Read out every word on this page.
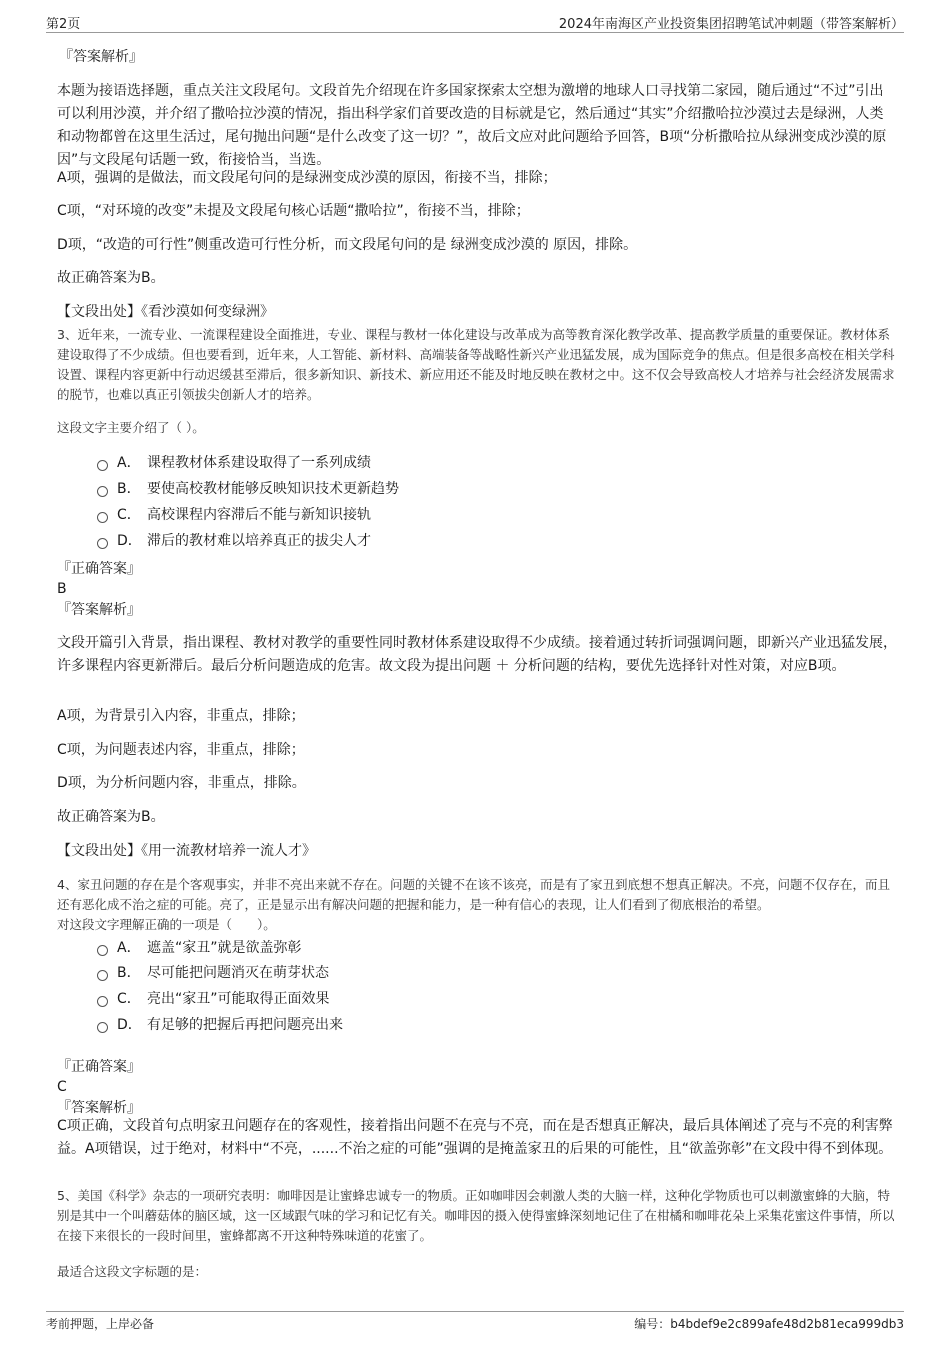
第2页	2024年南海区产业投资集团招聘笔试冲刺题（带答案解析）
『答案解析』
本题为接语选择题，重点关注文段尾句。文段首先介绍现在许多国家探索太空想为激增的地球人口寻找第二家园，随后通过“不过”引出可以利用沙漠，并介绍了撒哈拉沙漠的情况，指出科学家们首要改造的目标就是它，然后通过“其实”介绍撒哈拉沙漠过去是绿洲，人类和动物都曾在这里生活过，尾句抛出问题“是什么改变了这一切？”，故后文应对此问题给予回答，B项“分析撒哈拉从绿洲变成沙漠的原因”与文段尾句话题一致，衔接恰当，当选。
A项，强调的是做法，而文段尾句问的是绿洲变成沙漠的原因，衔接不当，排除；
C项，“对环境的改变”未提及文段尾句核心话题“撒哈拉”，衔接不当，排除；
D项，“改造的可行性”侧重改造可行性分析，而文段尾句问的是 绿洲变成沙漠的 原因，排除。
故正确答案为B。
【文段出处】《看沙漠如何变绿洲》
3、近年来，一流专业、一流课程建设全面推进，专业、课程与教材一体化建设与改革成为高等教育深化教学改革、提高教学质量的重要保证。教材体系建设取得了不少成绩。但也要看到，近年来，人工智能、新材料、高端装备等战略性新兴产业迅猛发展，成为国际竞争的焦点。但是很多高校在相关学科设置、课程内容更新中行动迟缓甚至滞后，很多新知识、新技术、新应用还不能及时地反映在教材之中。这不仅会导致高校人才培养与社会经济发展需求的脱节，也难以真正引领拔尖创新人才的培养。
这段文字主要介绍了（ ）。
A． 课程教材体系建设取得了一系列成绩
B． 要使高校教材能够反映知识技术更新趋势
C． 高校课程内容滞后不能与新知识接轨
D． 滞后的教材难以培养真正的拔尖人才
『正确答案』
B
『答案解析』
文段开篇引入背景，指出课程、教材对教学的重要性同时教材体系建设取得不少成绩。接着通过转折词强调问题，即新兴产业迅猛发展，许多课程内容更新滞后。最后分析问题造成的危害。故文段为提出问题 ＋ 分析问题的结构，要优先选择针对性对策，对应B项。
A项，为背景引入内容，非重点，排除；
C项，为问题表述内容，非重点，排除；
D项，为分析问题内容，非重点，排除。
故正确答案为B。
【文段出处】《用一流教材培养一流人才》
4、家丑问题的存在是个客观事实，并非不亮出来就不存在。问题的关键不在该不该亮，而是有了家丑到底想不想真正解决。不亮，问题不仅存在，而且还有恶化成不治之症的可能。亮了，正是显示出有解决问题的把握和能力，是一种有信心的表现，让人们看到了彻底根治的希望。
对这段文字理解正确的一项是（　　）。
A． 遮盖“家丑”就是欲盖弥彰
B． 尽可能把问题消灭在萌芽状态
C． 亮出“家丑”可能取得正面效果
D． 有足够的把握后再把问题亮出来
『正确答案』
C
『答案解析』
C项正确，文段首句点明家丑问题存在的客观性，接着指出问题不在亮与不亮，而在是否想真正解决，最后具体阐述了亮与不亮的利害弊益。A项错误，过于绝对，材料中“不亮，......不治之症的可能”强调的是掩盖家丑的后果的可能性，且“欲盖弥彰”在文段中得不到体现。
5、美国《科学》杂志的一项研究表明：咖啡因是让蜜蜂忠诚专一的物质。正如咖啡因会刺激人类的大脑一样，这种化学物质也可以刺激蜜蜂的大脑，特别是其中一个叫蘑菇体的脑区域，这一区域跟气味的学习和记忆有关。咖啡因的摄入使得蜜蜂深刻地记住了在柑橘和咖啡花朵上采集花蜜这件事情，所以在接下来很长的一段时间里，蜜蜂都离不开这种特殊味道的花蜜了。
最适合这段文字标题的是：
考前押题，上岸必备	编号：b4bdef9e2c899afe48d2b81eca999db3
